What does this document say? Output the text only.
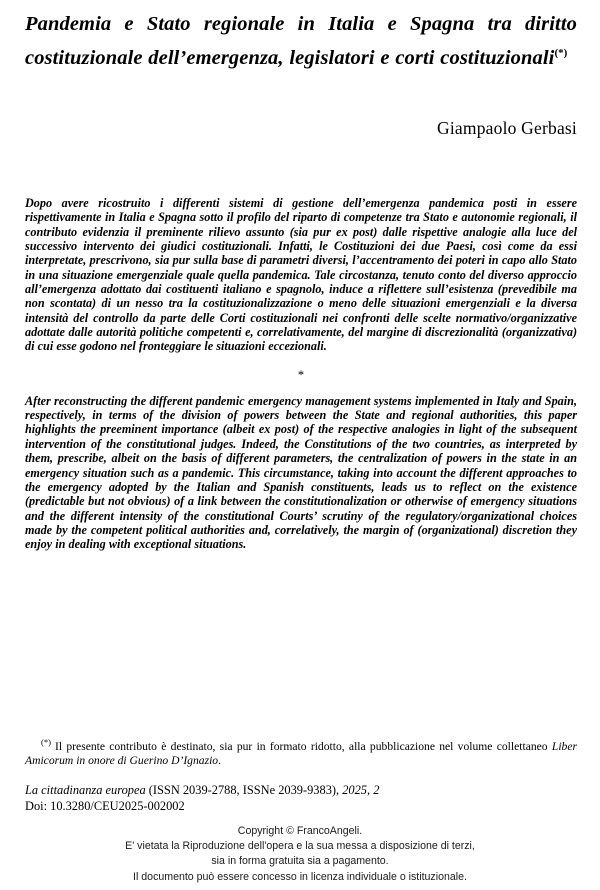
Pandemia e Stato regionale in Italia e Spagna tra diritto costituzionale dell’emergenza, legislatori e corti costituzionali(*)

Giampaolo Gerbasi

Dopo avere ricostruito i differenti sistemi di gestione dell’emergenza pandemica posti in essere rispettivamente in Italia e Spagna sotto il profilo del riparto di competenze tra Stato e autonomie regionali, il contributo evidenzia il preminente rilievo assunto (sia pur ex post) dalle rispettive analogie alla luce del successivo intervento dei giudici costituzionali. Infatti, le Costituzioni dei due Paesi, così come da essi interpretate, prescrivono, sia pur sulla base di parametri diversi, l’accentramento dei poteri in capo allo Stato in una situazione emergenziale quale quella pandemica. Tale circostanza, tenuto conto del diverso approccio all’emergenza adottato dai costituenti italiano e spagnolo, induce a riflettere sull’esistenza (prevedibile ma non scontata) di un nesso tra la costituzionalizzazione o meno delle situazioni emergenziali e la diversa intensità del controllo da parte delle Corti costituzionali nei confronti delle scelte normativo/organizzative adottate dalle autorità politiche competenti e, correlativamente, del margine di discrezionalità (organizzativa) di cui esse godono nel fronteggiare le situazioni eccezionali.

*

After reconstructing the different pandemic emergency management systems implemented in Italy and Spain, respectively, in terms of the division of powers between the State and regional authorities, this paper highlights the preeminent importance (albeit ex post) of the respective analogies in light of the subsequent intervention of the constitutional judges. Indeed, the Constitutions of the two countries, as interpreted by them, prescribe, albeit on the basis of different parameters, the centralization of powers in the state in an emergency situation such as a pandemic. This circumstance, taking into account the different approaches to the emergency adopted by the Italian and Spanish constituents, leads us to reflect on the existence (predictable but not obvious) of a link between the constitutionalization or otherwise of emergency situations and the different intensity of the constitutional Courts’ scrutiny of the regulatory/organizational choices made by the competent political authorities and, correlatively, the margin of (organizational) discretion they enjoy in dealing with exceptional situations.

(*) Il presente contributo è destinato, sia pur in formato ridotto, alla pubblicazione nel volume collettaneo Liber Amicorum in onore di Guerino D’Ignazio.

La cittadinanza europea (ISSN 2039-2788, ISSNe 2039-9383), 2025, 2

Doi: 10.3280/CEU2025-002002

Copyright © FrancoAngeli.

E' vietata la Riproduzione dell'opera e la sua messa a disposizione di terzi,

sia in forma gratuita sia a pagamento.

Il documento può essere concesso in licenza individuale o istituzionale.
